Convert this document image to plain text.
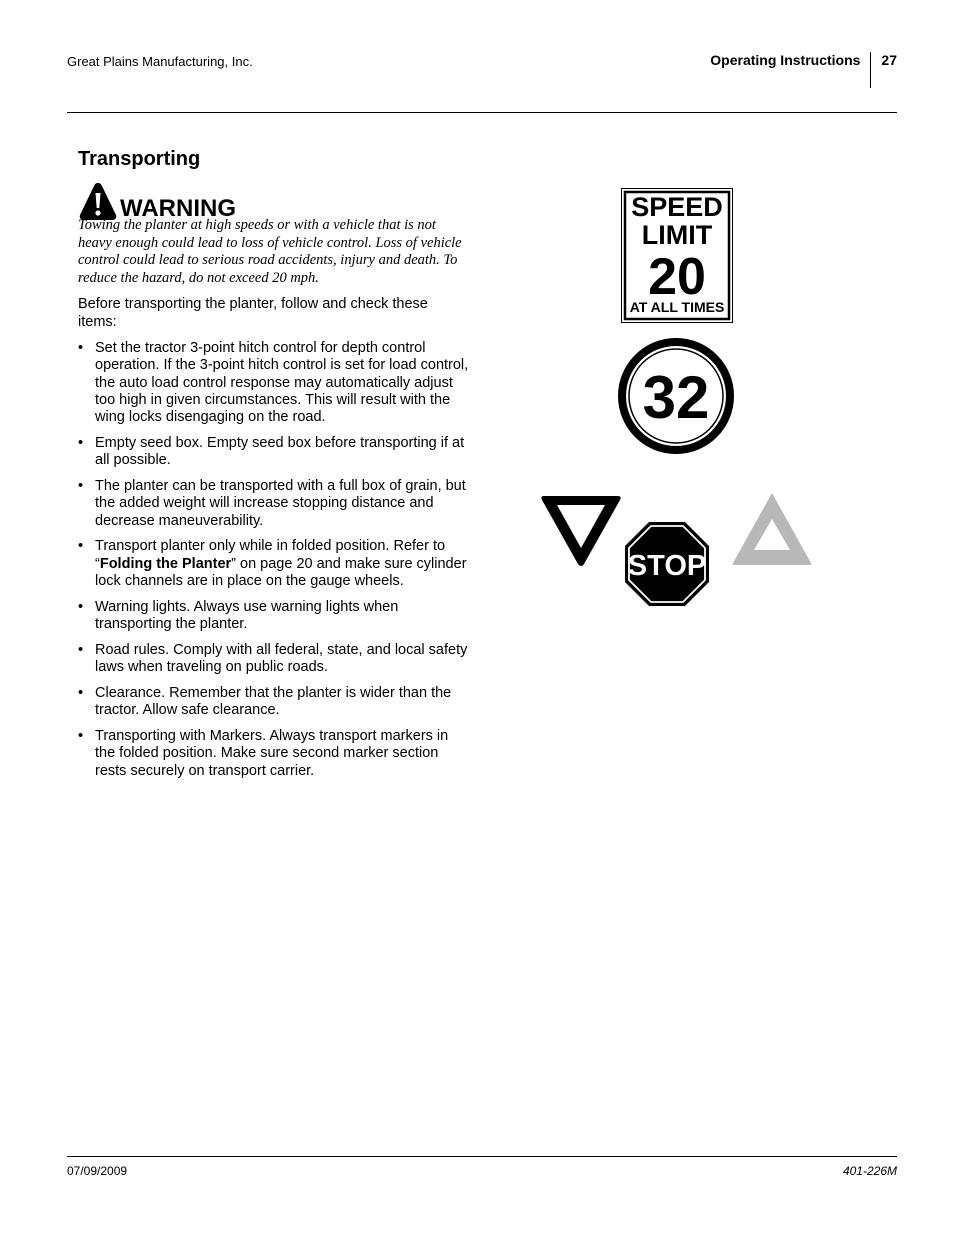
Great Plains Manufacturing, Inc.	Operating Instructions	27
Transporting
WARNING

Towing the planter at high speeds or with a vehicle that is not heavy enough could lead to loss of vehicle control. Loss of vehicle control could lead to serious road accidents, injury and death. To reduce the hazard, do not exceed 20 mph.

Before transporting the planter, follow and check these items:

• Set the tractor 3-point hitch control for depth control operation. If the 3-point hitch control is set for load control, the auto load control response may automatically adjust too high in given circumstances. This will result with the wing locks disengaging on the road.
• Empty seed box. Empty seed box before transporting if at all possible.
• The planter can be transported with a full box of grain, but the added weight will increase stopping distance and decrease maneuverability.
• Transport planter only while in folded position. Refer to “Folding the Planter” on page 20 and make sure cylinder lock channels are in place on the gauge wheels.
• Warning lights. Always use warning lights when transporting the planter.
• Road rules. Comply with all federal, state, and local safety laws when traveling on public roads.
• Clearance. Remember that the planter is wider than the tractor. Allow safe clearance.
• Transporting with Markers. Always transport markers in the folded position. Make sure second marker section rests securely on transport carrier.
SPEED
LIMIT
20
AT ALL TIMES
32
STOP
07/09/2009	401-226M
